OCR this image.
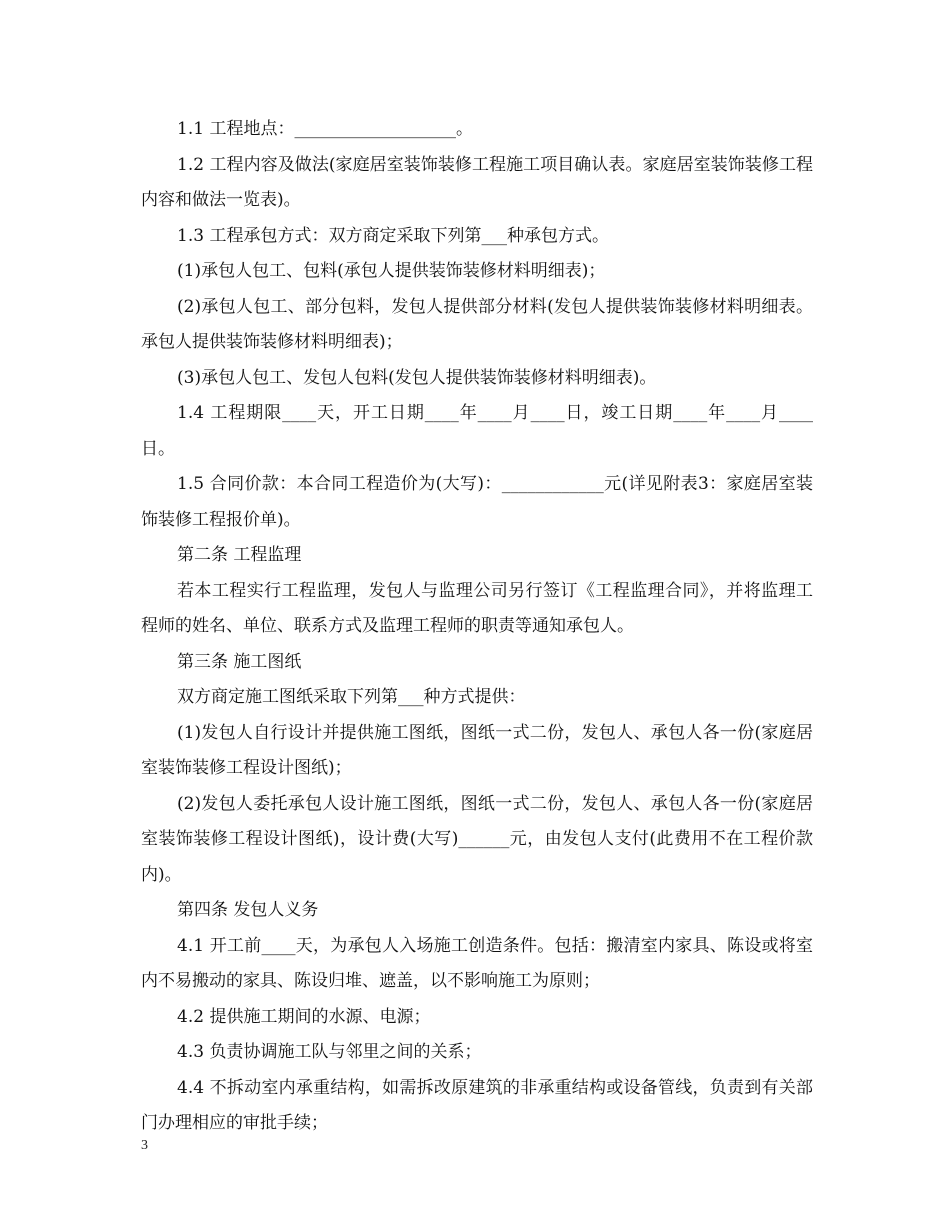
1.1 工程地点：___________________。

1.2 工程内容及做法(家庭居室装饰装修工程施工项目确认表。家庭居室装饰装修工程内容和做法一览表)。

1.3 工程承包方式：双方商定采取下列第___种承包方式。

(1)承包人包工、包料(承包人提供装饰装修材料明细表)；

(2)承包人包工、部分包料，发包人提供部分材料(发包人提供装饰装修材料明细表。承包人提供装饰装修材料明细表)；

(3)承包人包工、发包人包料(发包人提供装饰装修材料明细表)。

1.4 工程期限____天，开工日期____年____月____日，竣工日期____年____月____日。

1.5 合同价款：本合同工程造价为(大写)：____________元(详见附表3：家庭居室装饰装修工程报价单)。

第二条 工程监理

若本工程实行工程监理，发包人与监理公司另行签订《工程监理合同》，并将监理工程师的姓名、单位、联系方式及监理工程师的职责等通知承包人。

第三条 施工图纸

双方商定施工图纸采取下列第___种方式提供：

(1)发包人自行设计并提供施工图纸，图纸一式二份，发包人、承包人各一份(家庭居室装饰装修工程设计图纸)；

(2)发包人委托承包人设计施工图纸，图纸一式二份，发包人、承包人各一份(家庭居室装饰装修工程设计图纸)，设计费(大写)______元，由发包人支付(此费用不在工程价款内)。

第四条 发包人义务

4.1 开工前____天，为承包人入场施工创造条件。包括：搬清室内家具、陈设或将室内不易搬动的家具、陈设归堆、遮盖，以不影响施工为原则；

4.2 提供施工期间的水源、电源；

4.3 负责协调施工队与邻里之间的关系；

4.4 不拆动室内承重结构，如需拆改原建筑的非承重结构或设备管线，负责到有关部门办理相应的审批手续；

3
